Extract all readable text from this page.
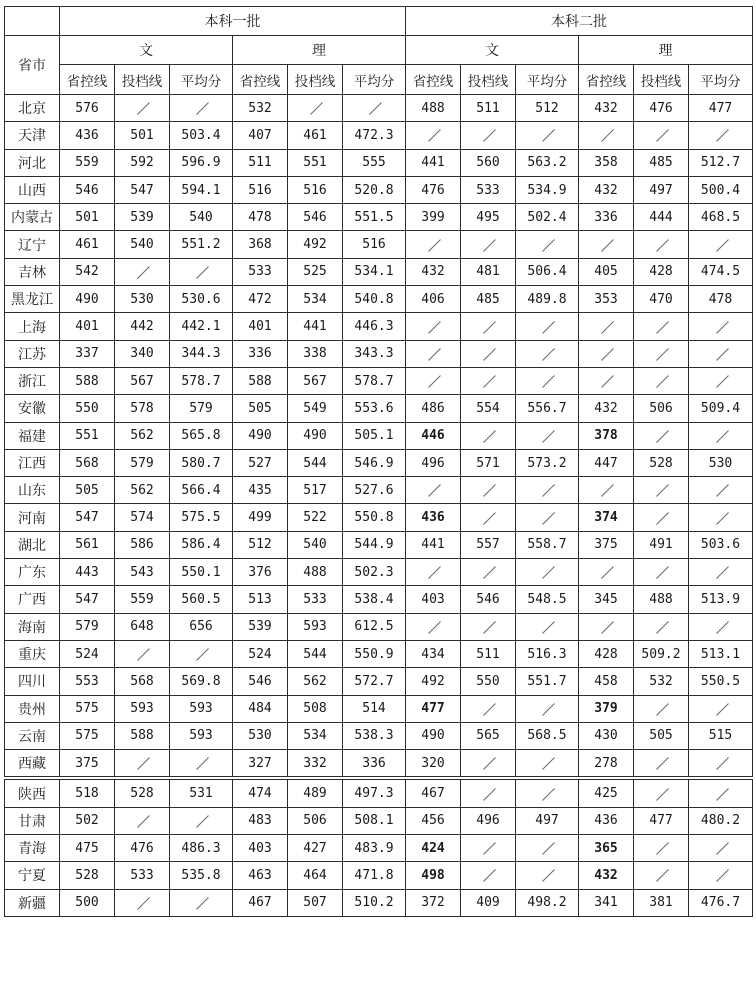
	本科一批						本科二批					
省市	文			理			文			理		
	省控线	投档线	平均分	省控线	投档线	平均分	省控线	投档线	平均分	省控线	投档线	平均分
北京	576			532			488	511	512	432	476	477
天津	436	501	503.4	407	461	472.3						
河北	559	592	596.9	511	551	555	441	560	563.2	358	485	512.7
山西	546	547	594.1	516	516	520.8	476	533	534.9	432	497	500.4
内蒙古	501	539	540	478	546	551.5	399	495	502.4	336	444	468.5
辽宁	461	540	551.2	368	492	516						
吉林	542			533	525	534.1	432	481	506.4	405	428	474.5
黑龙江	490	530	530.6	472	534	540.8	406	485	489.8	353	470	478
上海	401	442	442.1	401	441	446.3						
江苏	337	340	344.3	336	338	343.3						
浙江	588	567	578.7	588	567	578.7						
安徽	550	578	579	505	549	553.6	486	554	556.7	432	506	509.4
福建	551	562	565.8	490	490	505.1	446			378		
江西	568	579	580.7	527	544	546.9	496	571	573.2	447	528	530
山东	505	562	566.4	435	517	527.6						
河南	547	574	575.5	499	522	550.8	436			374		
湖北	561	586	586.4	512	540	544.9	441	557	558.7	375	491	503.6
广东	443	543	550.1	376	488	502.3						
广西	547	559	560.5	513	533	538.4	403	546	548.5	345	488	513.9
海南	579	648	656	539	593	612.5						
重庆	524			524	544	550.9	434	511	516.3	428	509.2	513.1
四川	553	568	569.8	546	562	572.7	492	550	551.7	458	532	550.5
贵州	575	593	593	484	508	514	477			379		
云南	575	588	593	530	534	538.3	490	565	568.5	430	505	515
西藏	375			327	332	336	320			278		
陕西	518	528	531	474	489	497.3	467			425		
甘肃	502			483	506	508.1	456	496	497	436	477	480.2
青海	475	476	486.3	403	427	483.9	424			365		
宁夏	528	533	535.8	463	464	471.8	498			432		
新疆	500			467	507	510.2	372	409	498.2	341	381	476.7
